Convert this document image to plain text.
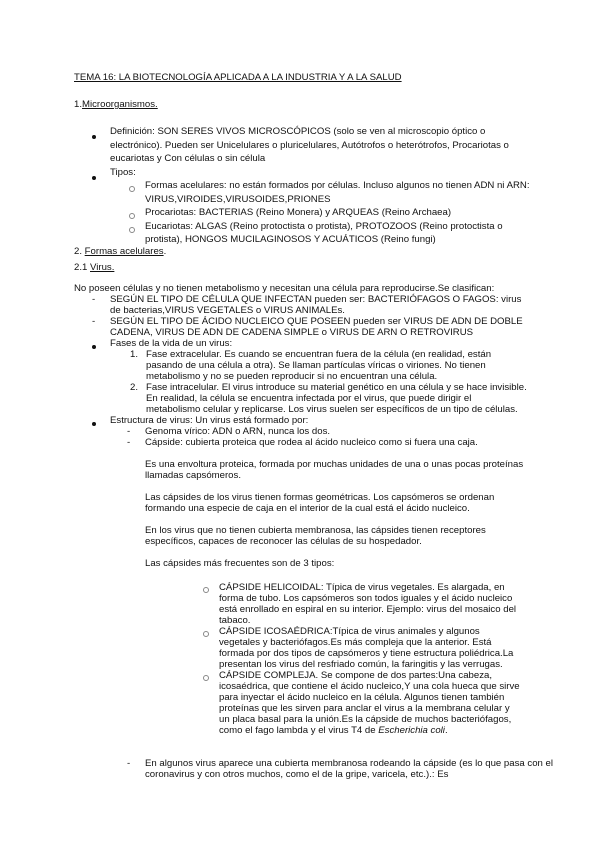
TEMA 16: LA BIOTECNOLOGÍA APLICADA A LA INDUSTRIA Y A LA SALUD
1.Microorganismos.

Definición: SON SERES VIVOS MICROSCÓPICOS (solo se ven al microscopio óptico o electrónico). Pueden ser Unicelulares o pluricelulares, Autótrofos o heterótrofos, Procariotas o eucariotas y Con células o sin célula

Tipos:

Formas acelulares: no están formados por células. Incluso algunos no tienen ADN ni ARN: VIRUS,VIROIDES,VIRUSOIDES,PRIONES

Procariotas: BACTERIAS (Reino Monera) y ARQUEAS (Reino Archaea)

Eucariotas: ALGAS (Reino protoctista o protista), PROTOZOOS (Reino protoctista o protista), HONGOS MUCILAGINOSOS Y ACUÁTICOS (Reino fungi)

2. Formas acelulares.
2.1 Virus.

No poseen células y no tienen metabolismo y necesitan una célula para reproducirse.Se clasifican:

- SEGÚN EL TIPO DE CÉLULA QUE INFECTAN pueden ser: BACTERIÓFAGOS O FAGOS: virus de bacterias,VIRUS VEGETALES o VIRUS ANIMALEs.

- SEGÚN EL TIPO DE ÁCIDO NUCLEICO QUE POSEEN pueden ser VIRUS DE ADN DE DOBLE CADENA, VIRUS DE ADN DE CADENA SIMPLE o VIRUS DE ARN O RETROVIRUS

Fases de la vida de un virus:

1. Fase extracelular. Es cuando se encuentran fuera de la célula (en realidad, están pasando de una célula a otra). Se llaman partículas víricas o viriones. No tienen metabolismo y no se pueden reproducir si no encuentran una célula.

2. Fase intracelular. El virus introduce su material genético en una célula y se hace invisible. En realidad, la célula se encuentra infectada por el virus, que puede dirigir el metabolismo celular y replicarse. Los virus suelen ser específicos de un tipo de células.

Estructura de virus: Un virus está formado por:

- Genoma vírico: ADN o ARN, nunca los dos.

- Cápside: cubierta proteica que rodea al ácido nucleico como si fuera una caja.

Es una envoltura proteica, formada por muchas unidades de una o unas pocas proteínas llamadas capsómeros.

Las cápsides de los virus tienen formas geométricas. Los capsómeros se ordenan formando una especie de caja en el interior de la cual está el ácido nucleico.

En los virus que no tienen cubierta membranosa, las cápsides tienen receptores específicos, capaces de reconocer las células de su hospedador.

Las cápsides más frecuentes son de 3 tipos:

CÁPSIDE HELICOIDAL: Típica de virus vegetales. Es alargada, en forma de tubo. Los capsómeros son todos iguales y el ácido nucleico está enrollado en espiral en su interior. Ejemplo: virus del mosaico del tabaco.

CÁPSIDE ICOSAÉDRICA:Típica de virus animales y algunos vegetales y bacteriófagos.Es más compleja que la anterior. Está formada por dos tipos de capsómeros y tiene estructura poliédrica.La presentan los virus del resfriado común, la faringitis y las verrugas.

CÁPSIDE COMPLEJA. Se compone de dos partes:Una cabeza, icosaédrica, que contiene el ácido nucleico,Y una cola hueca que sirve para inyectar el ácido nucleico en la célula. Algunos tienen también proteínas que les sirven para anclar el virus a la membrana celular y un placa basal para la unión.Es la cápside de muchos bacteriófagos, como el fago lambda y el virus T4 de Escherichia coli.

- En algunos virus aparece una cubierta membranosa rodeando la cápside (es lo que pasa con el coronavirus y con otros muchos, como el de la gripe, varicela, etc.).: Es
